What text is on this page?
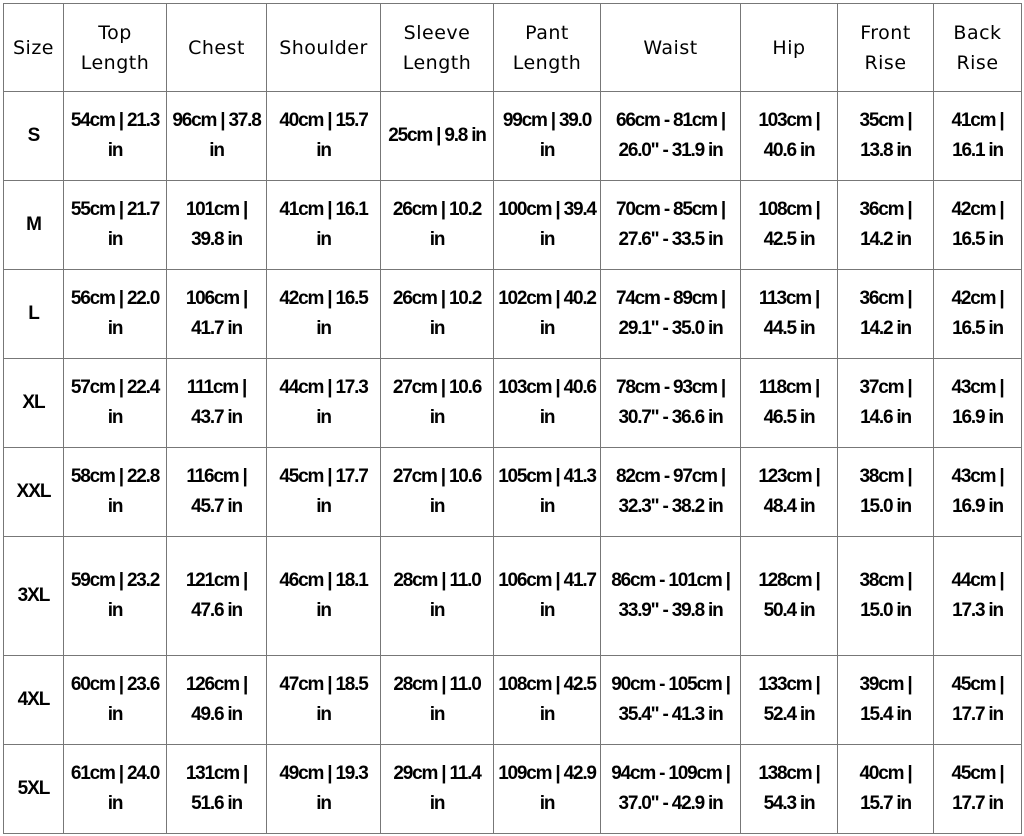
Size	Top Length	Chest	Shoulder	Sleeve Length	Pant Length	Waist	Hip	Front Rise	Back Rise
S	54cm | 21.3 in	96cm | 37.8 in	40cm | 15.7 in	25cm | 9.8 in	99cm | 39.0 in	66cm - 81cm | 26.0" - 31.9 in	103cm | 40.6 in	35cm | 13.8 in	41cm | 16.1 in
M	55cm | 21.7 in	101cm | 39.8 in	41cm | 16.1 in	26cm | 10.2 in	100cm | 39.4 in	70cm - 85cm | 27.6" - 33.5 in	108cm | 42.5 in	36cm | 14.2 in	42cm | 16.5 in
L	56cm | 22.0 in	106cm | 41.7 in	42cm | 16.5 in	26cm | 10.2 in	102cm | 40.2 in	74cm - 89cm | 29.1" - 35.0 in	113cm | 44.5 in	36cm | 14.2 in	42cm | 16.5 in
XL	57cm | 22.4 in	111cm | 43.7 in	44cm | 17.3 in	27cm | 10.6 in	103cm | 40.6 in	78cm - 93cm | 30.7" - 36.6 in	118cm | 46.5 in	37cm | 14.6 in	43cm | 16.9 in
XXL	58cm | 22.8 in	116cm | 45.7 in	45cm | 17.7 in	27cm | 10.6 in	105cm | 41.3 in	82cm - 97cm | 32.3" - 38.2 in	123cm | 48.4 in	38cm | 15.0 in	43cm | 16.9 in
3XL	59cm | 23.2 in	121cm | 47.6 in	46cm | 18.1 in	28cm | 11.0 in	106cm | 41.7 in	86cm - 101cm | 33.9" - 39.8 in	128cm | 50.4 in	38cm | 15.0 in	44cm | 17.3 in
4XL	60cm | 23.6 in	126cm | 49.6 in	47cm | 18.5 in	28cm | 11.0 in	108cm | 42.5 in	90cm - 105cm | 35.4" - 41.3 in	133cm | 52.4 in	39cm | 15.4 in	45cm | 17.7 in
5XL	61cm | 24.0 in	131cm | 51.6 in	49cm | 19.3 in	29cm | 11.4 in	109cm | 42.9 in	94cm - 109cm | 37.0" - 42.9 in	138cm | 54.3 in	40cm | 15.7 in	45cm | 17.7 in
